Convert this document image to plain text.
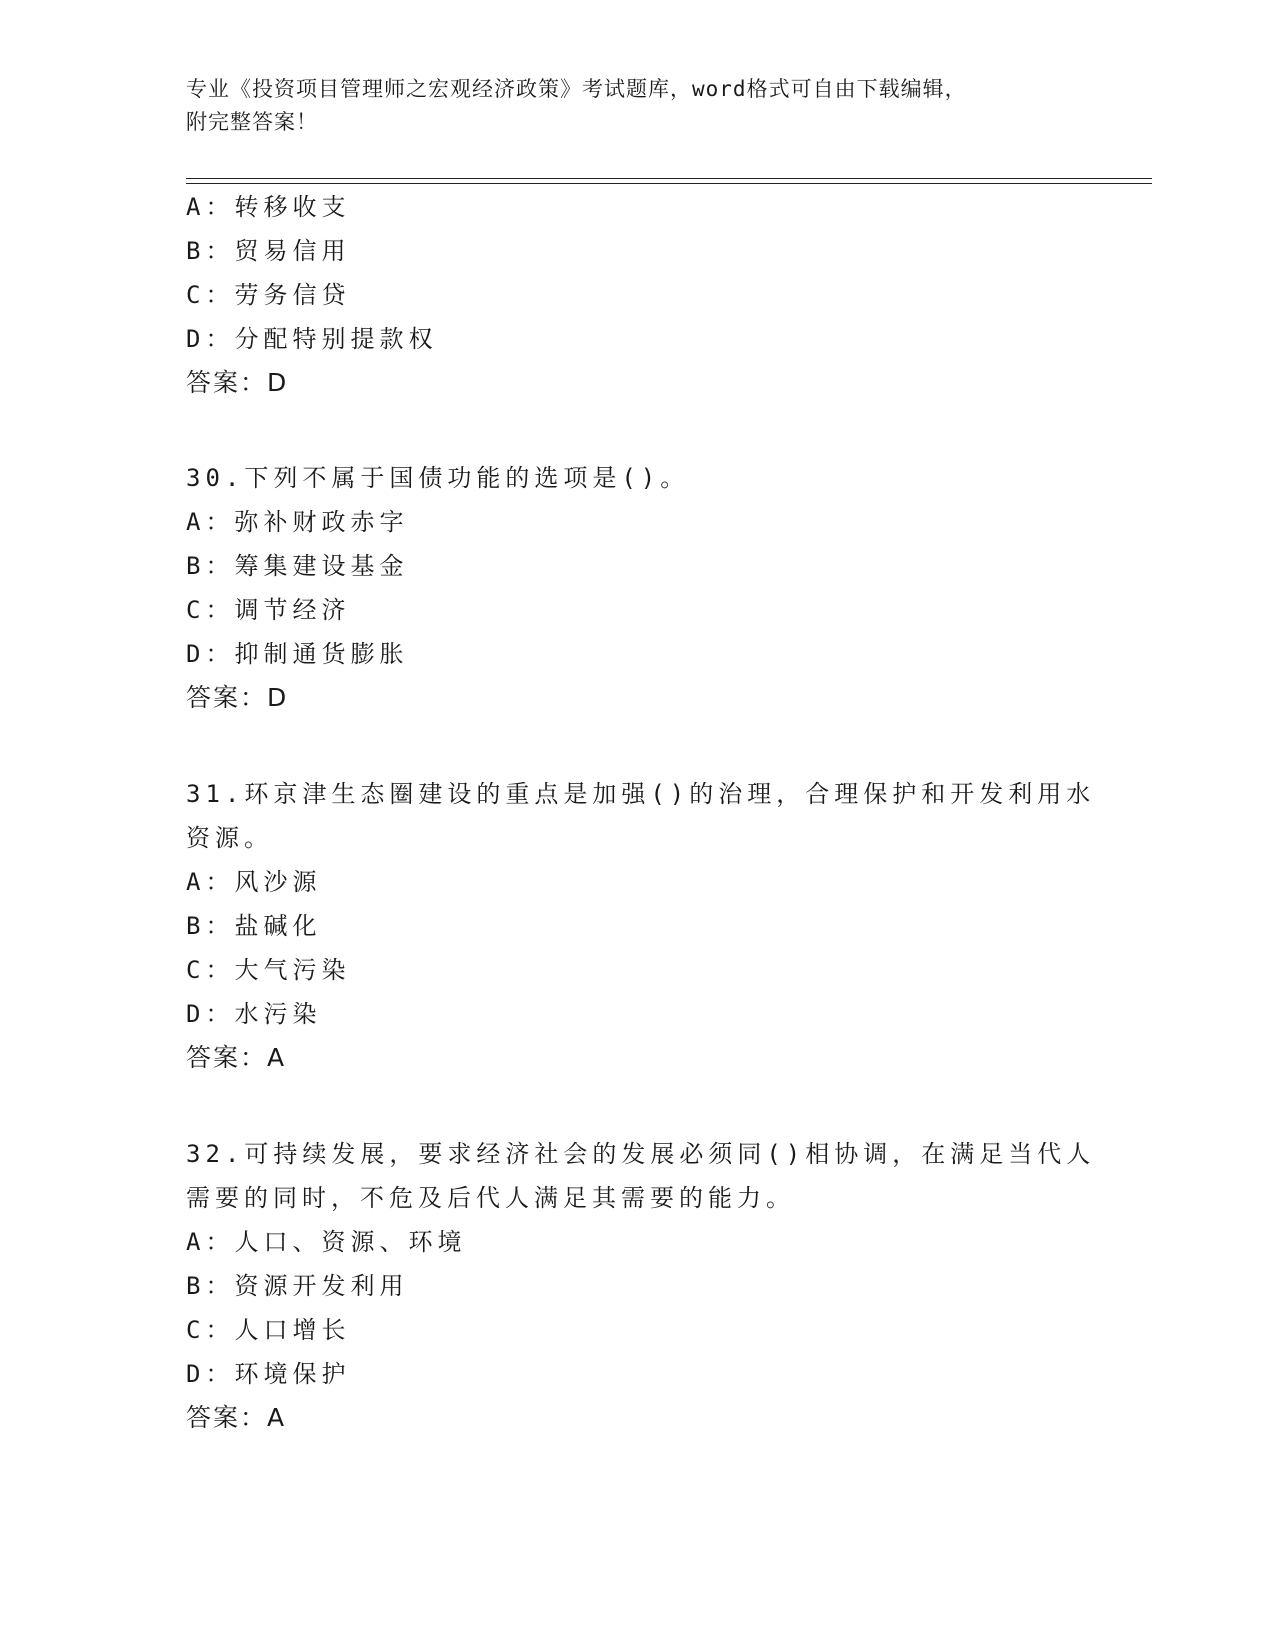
专业《投资项目管理师之宏观经济政策》考试题库，word格式可自由下载编辑，
附完整答案！
A：转移收支
B：贸易信用
C：劳务信贷
D：分配特别提款权
答案：D
30.下列不属于国债功能的选项是()。
A：弥补财政赤字
B：筹集建设基金
C：调节经济
D：抑制通货膨胀
答案：D
31.环京津生态圈建设的重点是加强()的治理，合理保护和开发利用水
资源。
A：风沙源
B：盐碱化
C：大气污染
D：水污染
答案：A
32.可持续发展，要求经济社会的发展必须同()相协调，在满足当代人
需要的同时，不危及后代人满足其需要的能力。
A：人口、资源、环境
B：资源开发利用
C：人口增长
D：环境保护
答案：A
